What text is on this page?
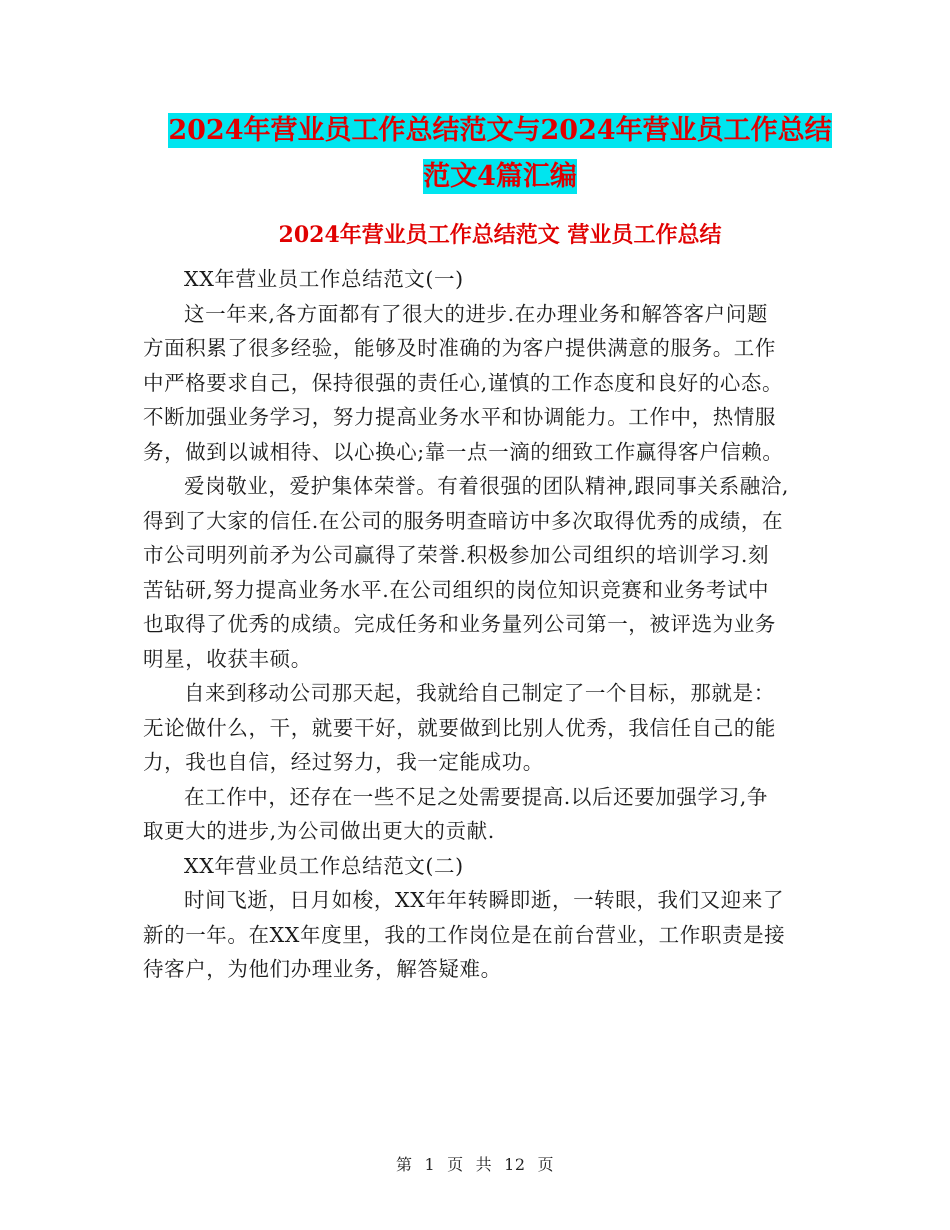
2024年营业员工作总结范文与2024年营业员工作总结
范文4篇汇编
2024年营业员工作总结范文 营业员工作总结
XX年营业员工作总结范文(一)
这一年来,各方面都有了很大的进步.在办理业务和解答客户问题
方面积累了很多经验，能够及时准确的为客户提供满意的服务。工作
中严格要求自己，保持很强的责任心,谨慎的工作态度和良好的心态。
不断加强业务学习，努力提高业务水平和协调能力。工作中，热情服
务，做到以诚相待、以心换心;靠一点一滴的细致工作赢得客户信赖。
爱岗敬业，爱护集体荣誉。有着很强的团队精神,跟同事关系融洽,
得到了大家的信任.在公司的服务明查暗访中多次取得优秀的成绩，在
市公司明列前矛为公司赢得了荣誉.积极参加公司组织的培训学习.刻
苦钻研,努力提高业务水平.在公司组织的岗位知识竞赛和业务考试中
也取得了优秀的成绩。完成任务和业务量列公司第一，被评选为业务
明星，收获丰硕。
自来到移动公司那天起，我就给自己制定了一个目标，那就是：
无论做什么，干，就要干好，就要做到比别人优秀，我信任自己的能
力，我也自信，经过努力，我一定能成功。
在工作中，还存在一些不足之处需要提高.以后还要加强学习,争
取更大的进步,为公司做出更大的贡献.
XX年营业员工作总结范文(二)
时间飞逝，日月如梭，XX年年转瞬即逝，一转眼，我们又迎来了
新的一年。在XX年度里，我的工作岗位是在前台营业，工作职责是接
待客户，为他们办理业务，解答疑难。
第 1 页 共 12 页
